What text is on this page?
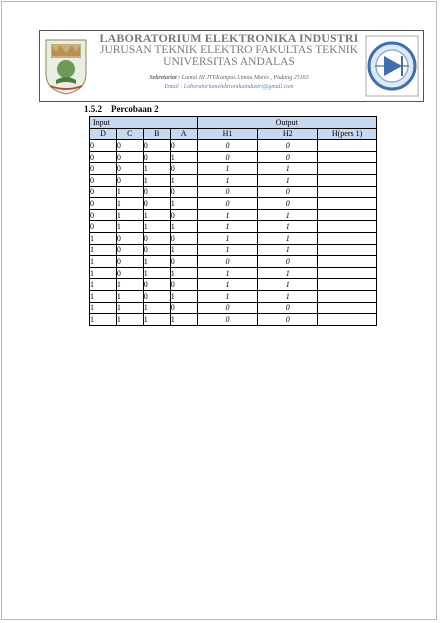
LABORATORIUM ELEKTRONIKA INDUSTRI
JURUSAN TEKNIK ELEKTRO FAKULTAS TEKNIK
UNIVERSITAS ANDALAS
Sekretariat : Lantai III JTEKampus Limau Manis , Padang 25163
Email : Laboratoriumelektronikaindustri@gmail.com
1.5.2 Percobaan 2
Input				Output		
D	C	B	A	H1	H2	H(pers 1)
0	0	0	0	0	0	
0	0	0	1	0	0	
0	0	1	0	1	1	
0	0	1	1	1	1	
0	1	0	0	0	0	
0	1	0	1	0	0	
0	1	1	0	1	1	
0	1	1	1	1	1	
1	0	0	0	1	1	
1	0	0	1	1	1	
1	0	1	0	0	0	
1	0	1	1	1	1	
1	1	0	0	1	1	
1	1	0	1	1	1	
1	1	1	0	0	0	
1	1	1	1	0	0	
